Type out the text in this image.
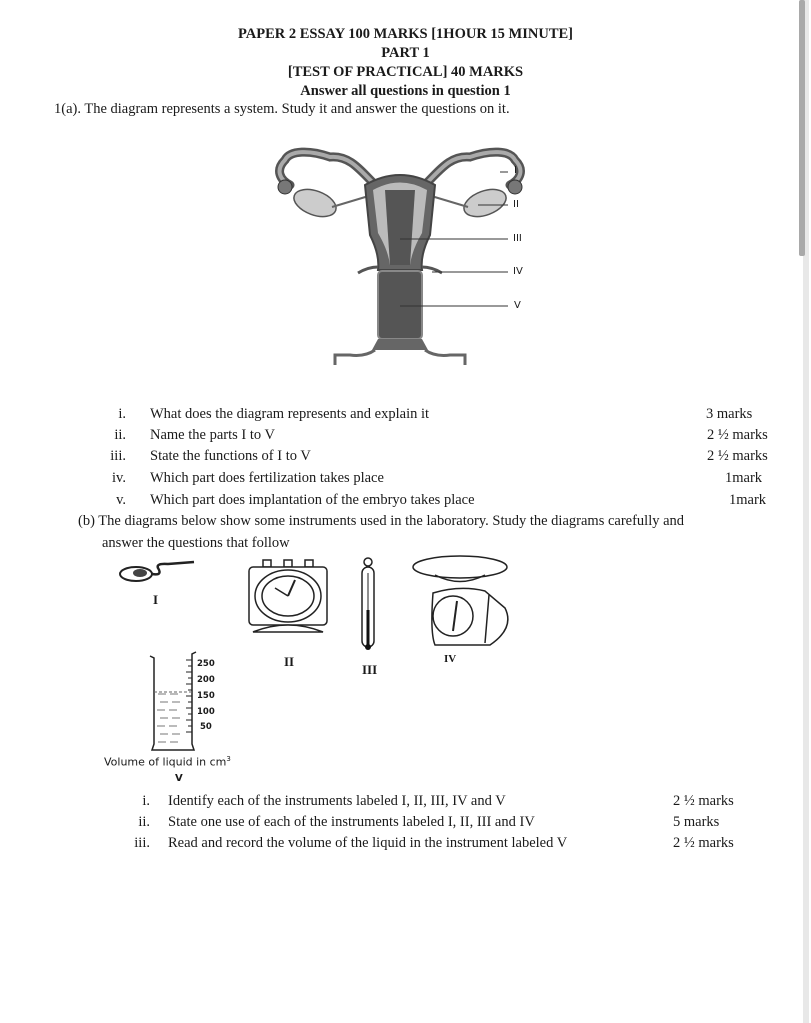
PAPER 2 ESSAY 100 MARKS [1HOUR 15 MINUTE]
PART 1
[TEST OF PRACTICAL] 40 MARKS
Answer all questions in question 1
1(a). The diagram represents a system. Study it and answer the questions on it.
I
II
III
IV
V
i. What does the diagram represents and explain it	3 marks
ii. Name the parts I to V	2 ½ marks
iii. State the functions of I to V	2 ½ marks
iv. Which part does fertilization takes place	1mark
v. Which part does implantation of the embryo takes place	1mark
(b) The diagrams below show some instruments used in the laboratory. Study the diagrams carefully and
answer the questions that follow
I
II
III
IV
250
200
150
100
50
Volume of liquid in $cm^3$
V
i. Identify each of the instruments labeled I, II, III, IV and V	2 ½ marks
ii. State one use of each of the instruments labeled I, II, III and IV	5 marks
iii. Read and record the volume of the liquid in the instrument labeled V	2 ½ marks
